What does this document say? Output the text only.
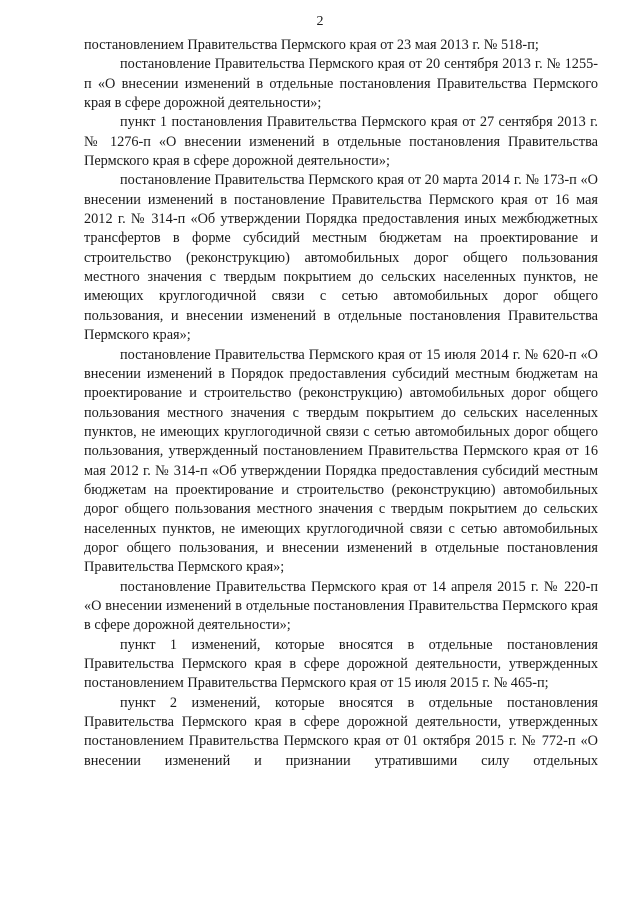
2

постановлением Правительства Пермского края от 23 мая 2013 г. № 518-п;

постановление Правительства Пермского края от 20 сентября 2013 г. № 1255-п «О внесении изменений в отдельные постановления Правительства Пермского края в сфере дорожной деятельности»;

пункт 1 постановления Правительства Пермского края от 27 сентября 2013 г. № 1276-п «О внесении изменений в отдельные постановления Правительства Пермского края в сфере дорожной деятельности»;

постановление Правительства Пермского края от 20 марта 2014 г. № 173-п «О внесении изменений в постановление Правительства Пермского края от 16 мая 2012 г. № 314-п «Об утверждении Порядка предоставления иных межбюджетных трансфертов в форме субсидий местным бюджетам на проектирование и строительство (реконструкцию) автомобильных дорог общего пользования местного значения с твердым покрытием до сельских населенных пунктов, не имеющих круглогодичной связи с сетью автомобильных дорог общего пользования, и внесении изменений в отдельные постановления Правительства Пермского края»;

постановление Правительства Пермского края от 15 июля 2014 г. № 620-п «О внесении изменений в Порядок предоставления субсидий местным бюджетам на проектирование и строительство (реконструкцию) автомобильных дорог общего пользования местного значения с твердым покрытием до сельских населенных пунктов, не имеющих круглогодичной связи с сетью автомобильных дорог общего пользования, утвержденный постановлением Правительства Пермского края от 16 мая 2012 г. № 314-п «Об утверждении Порядка предоставления субсидий местным бюджетам на проектирование и строительство (реконструкцию) автомобильных дорог общего пользования местного значения с твердым покрытием до сельских населенных пунктов, не имеющих круглогодичной связи с сетью автомобильных дорог общего пользования, и внесении изменений в отдельные постановления Правительства Пермского края»;

постановление Правительства Пермского края от 14 апреля 2015 г. № 220-п «О внесении изменений в отдельные постановления Правительства Пермского края в сфере дорожной деятельности»;

пункт 1 изменений, которые вносятся в отдельные постановления Правительства Пермского края в сфере дорожной деятельности, утвержденных постановлением Правительства Пермского края от 15 июля 2015 г. № 465-п;

пункт 2 изменений, которые вносятся в отдельные постановления Правительства Пермского края в сфере дорожной деятельности, утвержденных постановлением Правительства Пермского края от 01 октября 2015 г. № 772-п «О внесении изменений и признании утратившими силу отдельных
